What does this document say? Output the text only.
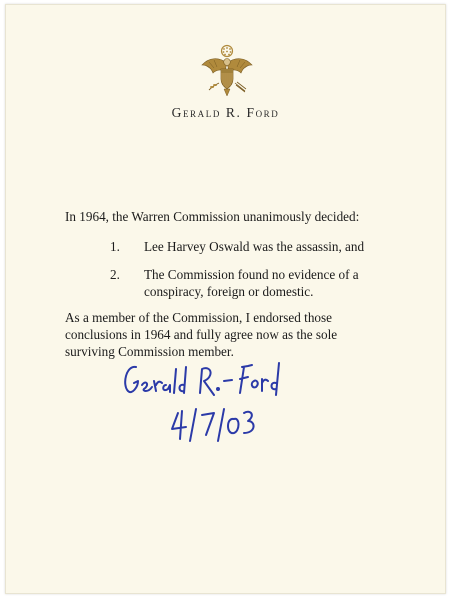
Gerald R. Ford
In 1964, the Warren Commission unanimously decided:
1. Lee Harvey Oswald was the assassin, and
2. The Commission found no evidence of a conspiracy, foreign or domestic.
As a member of the Commission, I endorsed those conclusions in 1964 and fully agree now as the sole surviving Commission member.
